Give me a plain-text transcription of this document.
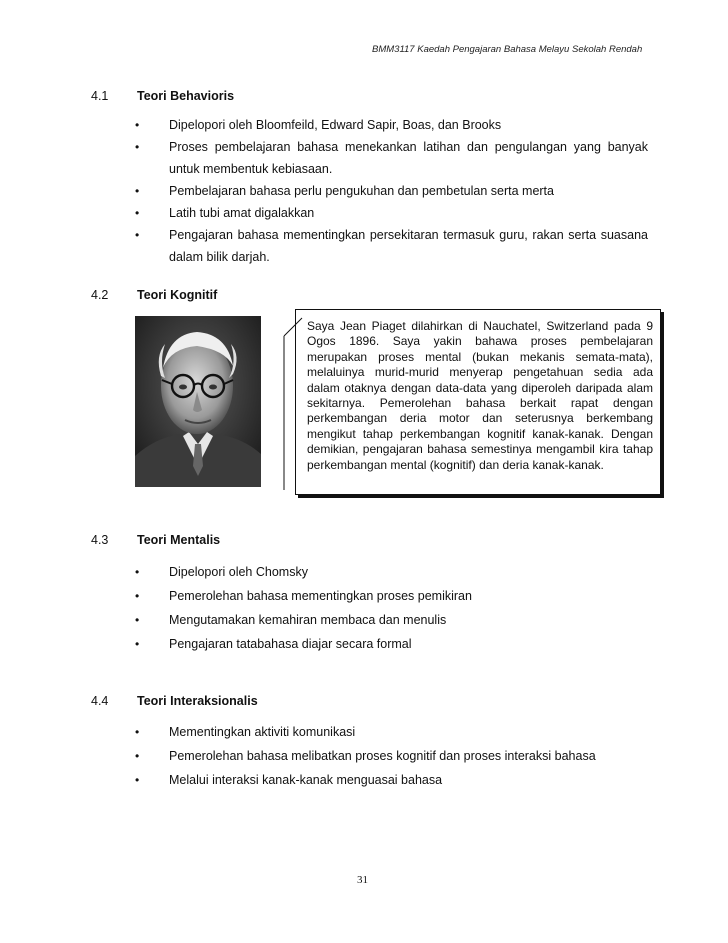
BMM3117 Kaedah Pengajaran Bahasa Melayu Sekolah Rendah
4.1 Teori Behavioris
• Dipelopori oleh Bloomfeild, Edward Sapir, Boas, dan Brooks
• Proses pembelajaran bahasa menekankan latihan dan pengulangan yang banyak untuk membentuk kebiasaan.
• Pembelajaran bahasa perlu pengukuhan dan pembetulan serta merta
• Latih tubi amat digalakkan
• Pengajaran bahasa mementingkan persekitaran termasuk guru, rakan serta suasana dalam bilik darjah.
4.2 Teori Kognitif
Saya Jean Piaget dilahirkan di Nauchatel, Switzerland pada 9 Ogos 1896. Saya yakin bahawa proses pembelajaran merupakan proses mental (bukan mekanis semata-mata), melaluinya murid-murid menyerap pengetahuan sedia ada dalam otaknya dengan data-data yang diperoleh daripada alam sekitarnya. Pemerolehan bahasa berkait rapat dengan perkembangan deria motor dan seterusnya berkembang mengikut tahap perkembangan kognitif kanak-kanak. Dengan demikian, pengajaran bahasa semestinya mengambil kira tahap perkembangan mental (kognitif) dan deria kanak-kanak.
4.3 Teori Mentalis
• Dipelopori oleh Chomsky
• Pemerolehan bahasa mementingkan proses pemikiran
• Mengutamakan kemahiran membaca dan menulis
• Pengajaran tatabahasa diajar secara formal
4.4 Teori Interaksionalis
• Mementingkan aktiviti komunikasi
• Pemerolehan bahasa melibatkan proses kognitif dan proses interaksi bahasa
• Melalui interaksi kanak-kanak menguasai bahasa
31
